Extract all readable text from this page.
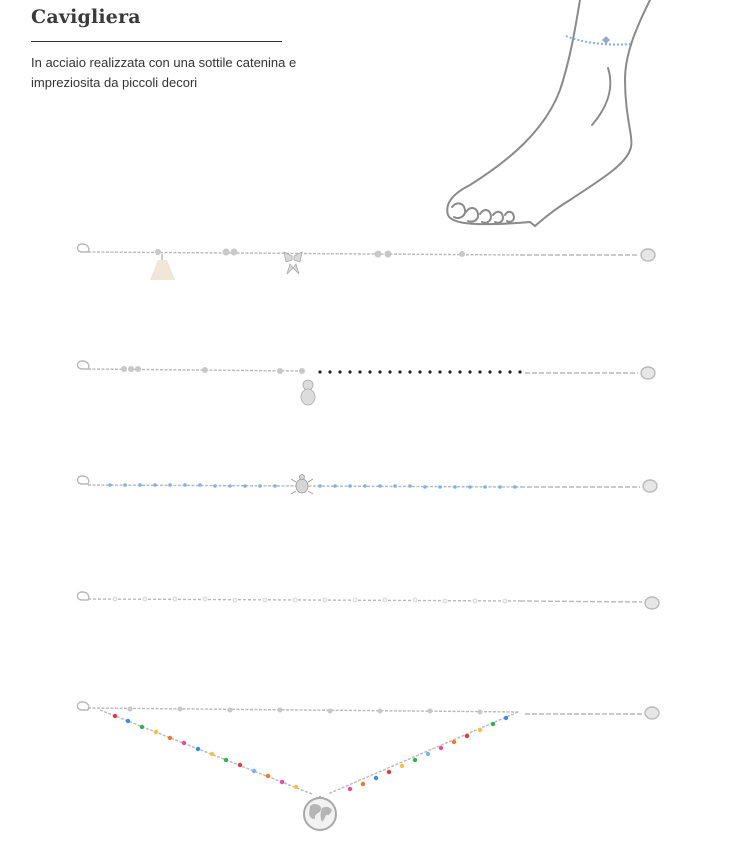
Cavigliera
In acciaio realizzata con una sottile catenina e impreziosita da piccoli decori
